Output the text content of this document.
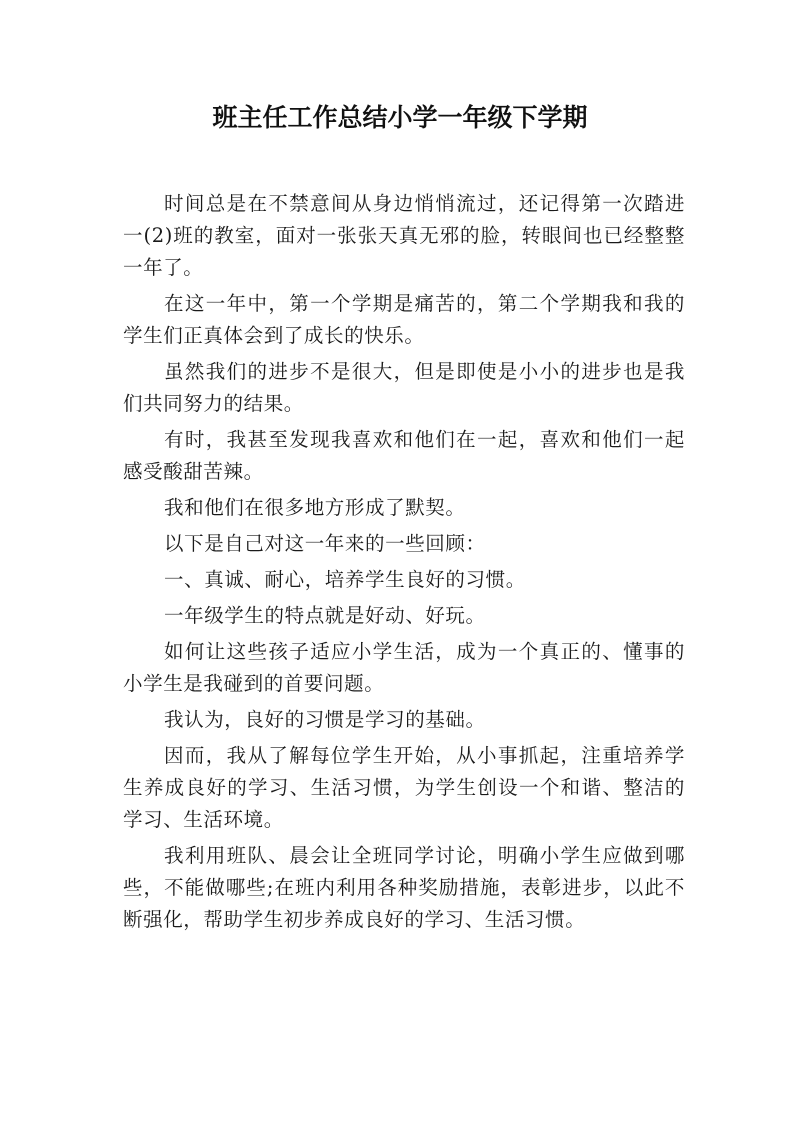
班主任工作总结小学一年级下学期

时间总是在不禁意间从身边悄悄流过，还记得第一次踏进一(2)班的教室，面对一张张天真无邪的脸，转眼间也已经整整一年了。

在这一年中，第一个学期是痛苦的，第二个学期我和我的学生们正真体会到了成长的快乐。

虽然我们的进步不是很大，但是即使是小小的进步也是我们共同努力的结果。

有时，我甚至发现我喜欢和他们在一起，喜欢和他们一起感受酸甜苦辣。

我和他们在很多地方形成了默契。

以下是自己对这一年来的一些回顾：

一、真诚、耐心，培养学生良好的习惯。

一年级学生的特点就是好动、好玩。

如何让这些孩子适应小学生活，成为一个真正的、懂事的小学生是我碰到的首要问题。

我认为，良好的习惯是学习的基础。

因而，我从了解每位学生开始，从小事抓起，注重培养学生养成良好的学习、生活习惯，为学生创设一个和谐、整洁的学习、生活环境。

我利用班队、晨会让全班同学讨论，明确小学生应做到哪些，不能做哪些;在班内利用各种奖励措施，表彰进步，以此不断强化，帮助学生初步养成良好的学习、生活习惯。
